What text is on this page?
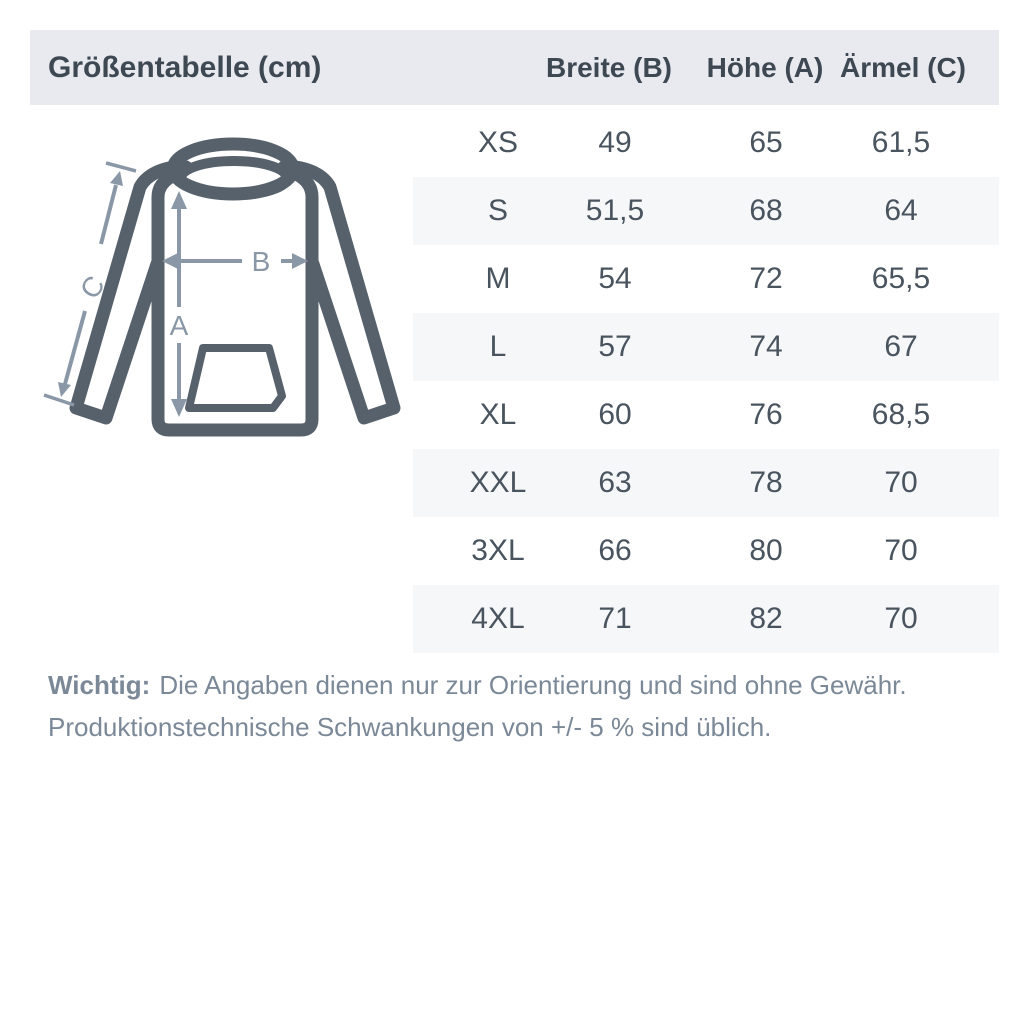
Größentabelle (cm)	Breite (B) Höhe (A) Ärmel (C)
A
B
C
XS	49	65	61,5
S	51,5	68	64
M	54	72	65,5
L	57	74	67
XL	60	76	68,5
XXL 63	78	70
3XL 66	80	70
4XL 71	82	70

Wichtig: Die Angaben dienen nur zur Orientierung und sind ohne Gewähr.
Produktionstechnische Schwankungen von +/- 5 % sind üblich.
